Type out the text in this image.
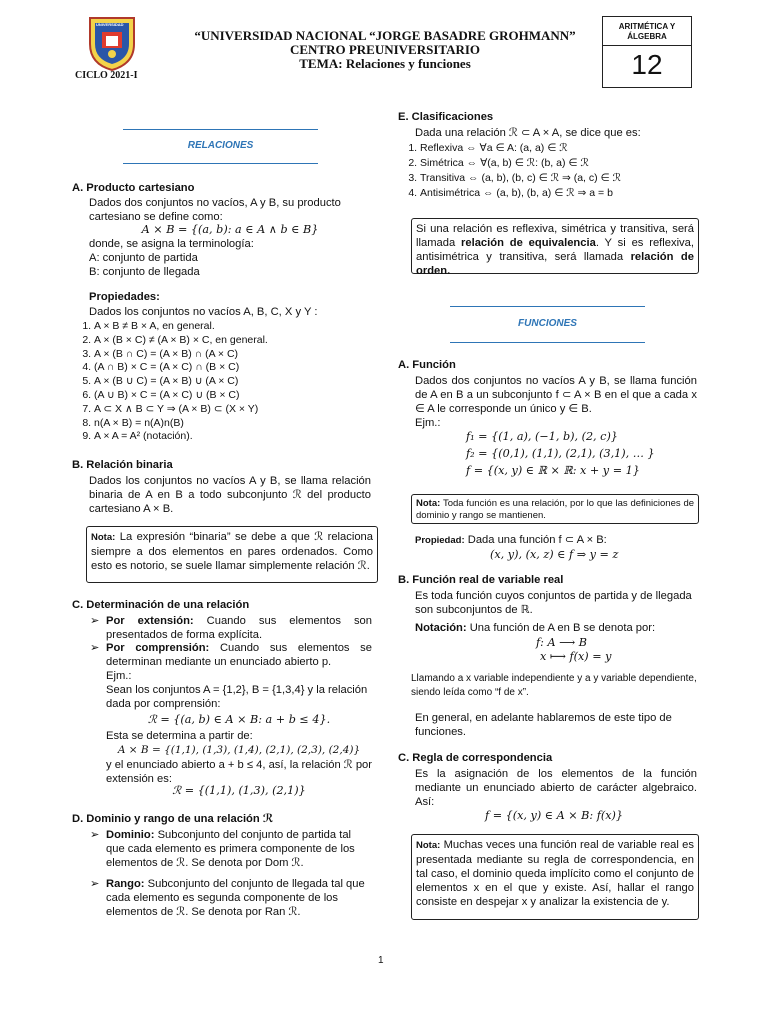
UNIVERSIDAD
CICLO 2021-I
“UNIVERSIDAD NACIONAL “JORGE BASADRE GROHMANN”
CENTRO PREUNIVERSITARIO
TEMA: Relaciones y funciones
ARITMÉTICA Y ÁLGEBRA
12
RELACIONES
A. Producto cartesiano
Dados dos conjuntos no vacíos, A y B, su producto cartesiano se define como:
A × B = {(a, b): a ∈ A ∧ b ∈ B}
donde, se asigna la terminología:
A: conjunto de partida
B: conjunto de llegada
Propiedades:
Dados los conjuntos no vacíos A, B, C, X y Y :
1. A × B ≠ B × A, en general.
2. A × (B × C) ≠ (A × B) × C, en general.
3. A × (B ∩ C) = (A × B) ∩ (A × C)
4. (A ∩ B) × C = (A × C) ∩ (B × C)
5. A × (B ∪ C) = (A × B) ∪ (A × C)
6. (A ∪ B) × C = (A × C) ∪ (B × C)
7. A ⊂ X ∧ B ⊂ Y ⇒ (A × B) ⊂ (X × Y)
8. n(A × B) = n(A)n(B)
9. A × A = A² (notación).
B. Relación binaria
Dados los conjuntos no vacíos A y B, se llama relación binaria de A en B a todo subconjunto ℛ del producto cartesiano A × B.
Nota: La expresión “binaria” se debe a que ℛ relaciona siempre a dos elementos en pares ordenados. Como esto es notorio, se suele llamar simplemente relación ℛ.
C. Determinación de una relación
Por extensión: Cuando sus elementos son presentados de forma explícita.
Por comprensión: Cuando sus elementos se determinan mediante un enunciado abierto p.
Ejm.:
Sean los conjuntos A = {1,2}, B = {1,3,4} y la relación dada por comprensión:
ℛ = {(a, b) ∈ A × B: a + b ≤ 4}.
Esta se determina a partir de:
A × B = {(1,1), (1,3), (1,4), (2,1), (2,3), (2,4)}
y el enunciado abierto a + b ≤ 4, así, la relación ℛ por extensión es:
ℛ = {(1,1), (1,3), (2,1)}
D. Dominio y rango de una relación ℛ
Dominio: Subconjunto del conjunto de partida tal que cada elemento es primera componente de los elementos de ℛ. Se denota por Dom ℛ.
Rango: Subconjunto del conjunto de llegada tal que cada elemento es segunda componente de los elementos de ℛ. Se denota por Ran ℛ.
E. Clasificaciones
Dada una relación ℛ ⊂ A × A, se dice que es:
1. Reflexiva ⇔ ∀a ∈ A: (a, a) ∈ ℛ
2. Simétrica ⇔ ∀(a, b) ∈ ℛ: (b, a) ∈ ℛ
3. Transitiva ⇔ (a, b), (b, c) ∈ ℛ ⇒ (a, c) ∈ ℛ
4. Antisimétrica ⇔ (a, b), (b, a) ∈ ℛ ⇒ a = b
Si una relación es reflexiva, simétrica y transitiva, será llamada relación de equivalencia. Y si es reflexiva, antisimétrica y transitiva, será llamada relación de orden.
FUNCIONES
A. Función
Dados dos conjuntos no vacíos A y B, se llama función de A en B a un subconjunto f ⊂ A × B en el que a cada x ∈ A le corresponde un único y ∈ B.
Ejm.:
f₁ = {(1, a), (−1, b), (2, c)}
f₂ = {(0,1), (1,1), (2,1), (3,1), … }
f = {(x, y) ∈ ℝ × ℝ: x + y = 1}
Nota: Toda función es una relación, por lo que las definiciones de dominio y rango se mantienen.
Propiedad: Dada una función f ⊂ A × B:
(x, y), (x, z) ∈ f ⇒ y = z
B. Función real de variable real
Es toda función cuyos conjuntos de partida y de llegada son subconjuntos de ℝ.
Notación: Una función de A en B se denota por:
f: A ⟶ B
x ⟼ f(x) = y
Llamando a x variable independiente y a y variable dependiente, siendo leída como “f de x”.
En general, en adelante hablaremos de este tipo de funciones.
C. Regla de correspondencia
Es la asignación de los elementos de la función mediante un enunciado abierto de carácter algebraico. Así:
f = {(x, y) ∈ A × B: f(x)}
Nota: Muchas veces una función real de variable real es presentada mediante su regla de correspondencia, en tal caso, el dominio queda implícito como el conjunto de elementos x en el que y existe. Así, hallar el rango consiste en despejar x y analizar la existencia de y.
1
